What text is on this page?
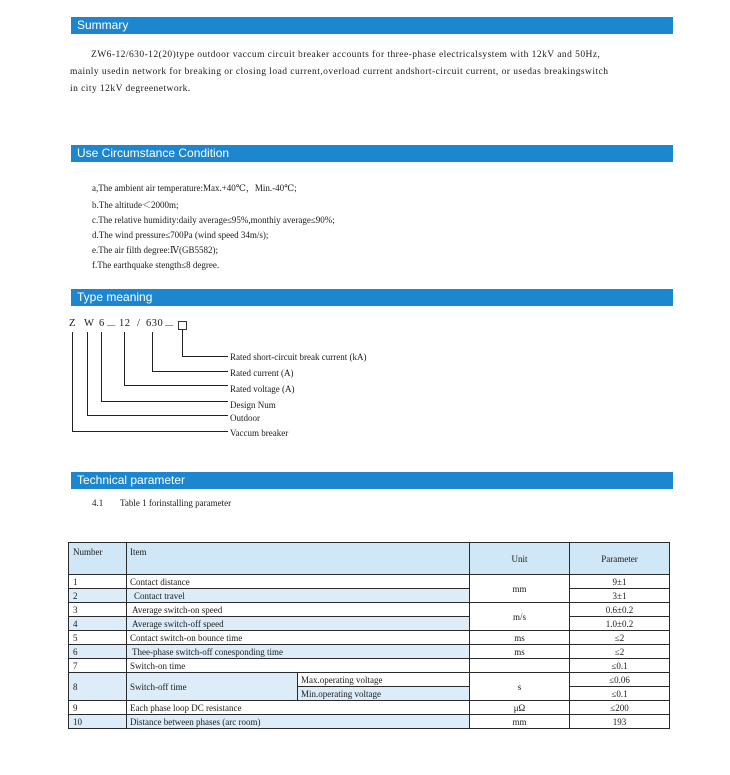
Summary
ZW6-12/630-12(20)type outdoor vaccum circuit breaker accounts for three-phase electricalsystem with 12kV and 50Hz,
mainly usedin network for breaking or closing load current,overload current andshort-circuit current, or usedas breakingswitch
in city 12kV degreenetwork.
Use Circumstance Condition
a,The ambient air temperature:Max.+40℃，Min.-40℃;
b.The altitude＜2000m;
c.The relative humidity:daily average≤95%,monthiy average≤90%;
d.The wind pressure≤700Pa (wind speed 34m/s);
e.The air filth degree:Ⅳ(GB5582);
f.The earthquake stength≤8 degree.
Type meaning
Z W 6 － 12 / 630 －
Rated short-circuit break current (kA)
Rated current (A)
Rated voltage (A)
Design Num
Outdoor
Vaccum breaker
Technical parameter
4.1 Table 1 forinstalling parameter
Number	Item		Unit	Parameter
1	Contact distance		mm	9±1
2	Contact travel			3±1
3	Average switch-on speed		m/s	0.6±0.2
4	Average switch-off speed			1.0±0.2
5	Contact switch-on bounce time		ms	≤2
6	Thee-phase switch-off conesponding time		ms	≤2
7	Switch-on time			≤0.1
8	Switch-off time	Max.operating voltage	s	≤0.06
		Min.operating voltage		≤0.1
9	Each phase loop DC resistance		μΩ	≤200
10	Distance between phases (arc room)		mm	193
